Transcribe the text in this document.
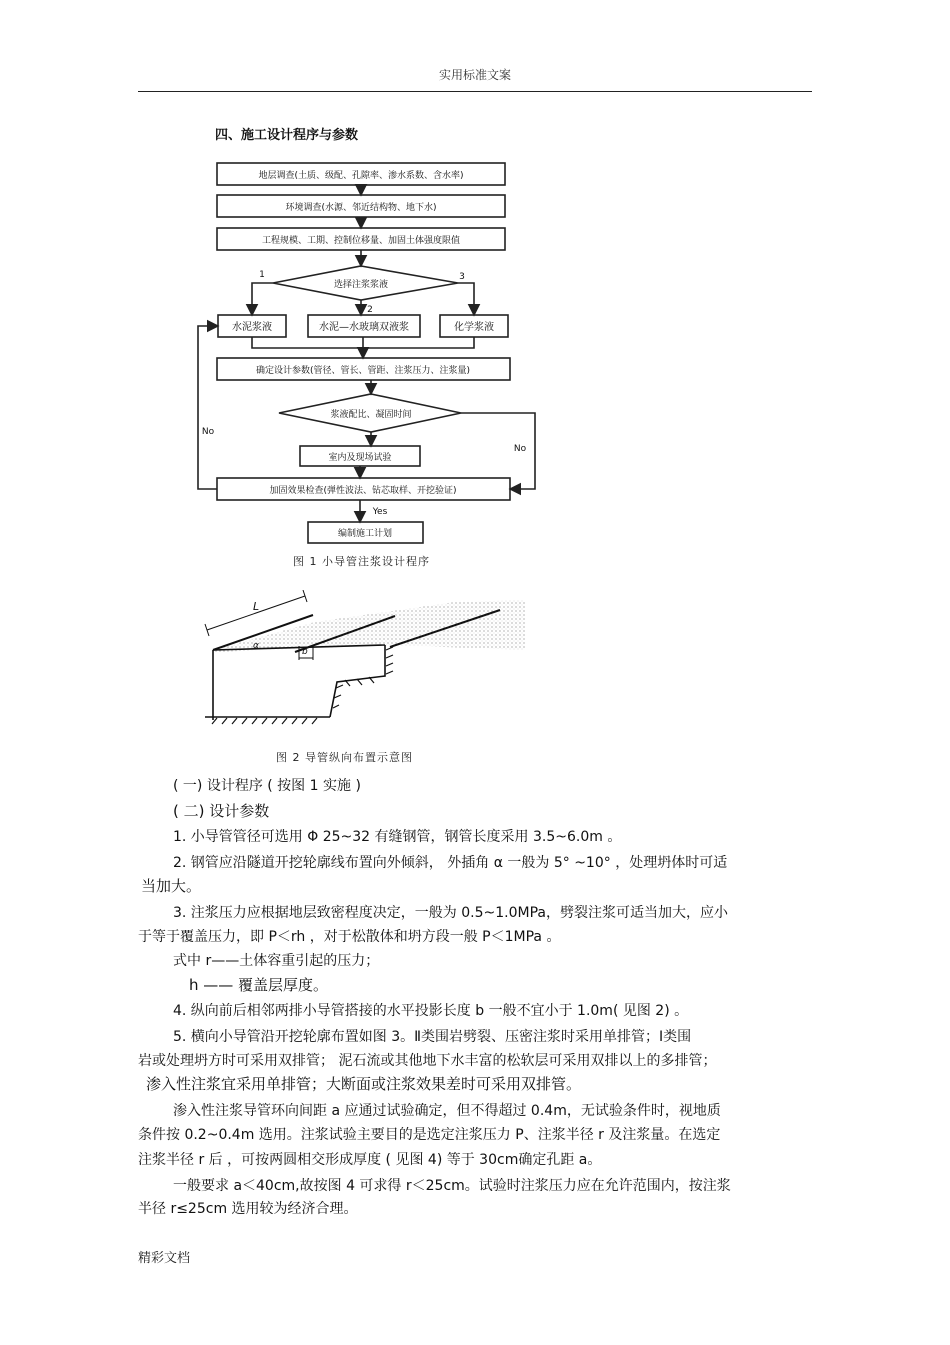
实用标准文案
四、施工设计程序与参数
地层调查(土质、级配、孔隙率、渗水系数、含水率)
环境调查(水源、邻近结构物、地下水)
工程规模、工期、控制位移量、加固土体强度限值
选择注浆浆液
水泥浆液	水泥—水玻璃双液浆	化学浆液
确定设计参数(管径、管长、管距、注浆压力、注浆量)
浆液配比、凝固时间
室内及现场试验
加固效果检查(弹性波法、钻芯取样、开挖验证)
编制施工计划
1
2
3
No
No
Yes
图 1 小导管注浆设计程序
L
α
b
图 2 导管纵向布置示意图
( 一) 设计程序 ( 按图 1 实施 )
( 二) 设计参数
1. 小导管管径可选用 Φ 25~32 有缝钢管，钢管长度采用 3.5~6.0m 。
2. 钢管应沿隧道开挖轮廓线布置向外倾斜， 外插角 α 一般为 5° ~10° ，处理坍体时可适
当加大。
3. 注浆压力应根据地层致密程度决定，一般为 0.5~1.0MPa，劈裂注浆可适当加大，应小
于等于覆盖压力，即 P＜rh ，对于松散体和坍方段一般 P＜1MPa 。
式中 r——土体容重引起的压力；
h —— 覆盖层厚度。
4. 纵向前后相邻两排小导管搭接的水平投影长度 b 一般不宜小于 1.0m( 见图 2) 。
5. 横向小导管沿开挖轮廓布置如图 3。Ⅱ类围岩劈裂、压密注浆时采用单排管；Ⅰ类围
岩或处理坍方时可采用双排管； 泥石流或其他地下水丰富的松软层可采用双排以上的多排管；
渗入性注浆宜采用单排管；大断面或注浆效果差时可采用双排管。
渗入性注浆导管环向间距 a 应通过试验确定，但不得超过 0.4m，无试验条件时，视地质
条件按 0.2~0.4m 选用。注浆试验主要目的是选定注浆压力 P、注浆半径 r 及注浆量。在选定
注浆半径 r 后 ，可按两圆相交形成厚度 ( 见图 4) 等于 30cm确定孔距 a。
一般要求 a＜40cm,故按图 4 可求得 r＜25cm。试验时注浆压力应在允许范围内，按注浆
半径 r≤25cm 选用较为经济合理。
精彩文档
